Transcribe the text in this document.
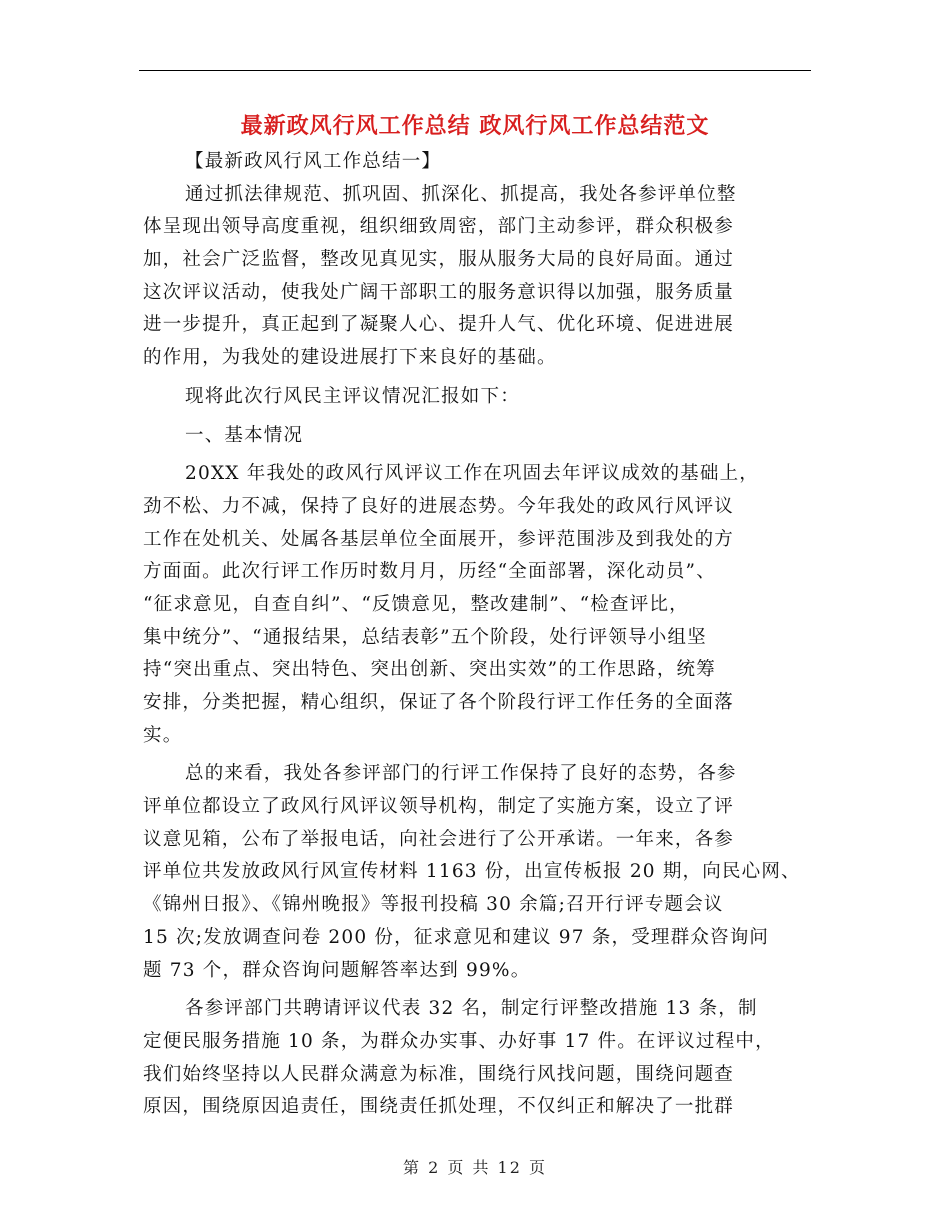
最新政风行风工作总结 政风行风工作总结范文
【最新政风行风工作总结一】
通过抓法律规范、抓巩固、抓深化、抓提高，我处各参评单位整
体呈现出领导高度重视，组织细致周密，部门主动参评，群众积极参
加，社会广泛监督，整改见真见实，服从服务大局的良好局面。通过
这次评议活动，使我处广阔干部职工的服务意识得以加强，服务质量
进一步提升，真正起到了凝聚人心、提升人气、优化环境、促进进展
的作用，为我处的建设进展打下来良好的基础。
现将此次行风民主评议情况汇报如下：
一、基本情况
20XX 年我处的政风行风评议工作在巩固去年评议成效的基础上，
劲不松、力不减，保持了良好的进展态势。今年我处的政风行风评议
工作在处机关、处属各基层单位全面展开，参评范围涉及到我处的方
方面面。此次行评工作历时数月月，历经“全面部署，深化动员”、
“征求意见，自查自纠”、“反馈意见，整改建制”、“检查评比，
集中统分”、“通报结果，总结表彰”五个阶段，处行评领导小组坚
持“突出重点、突出特色、突出创新、突出实效”的工作思路，统筹
安排，分类把握，精心组织，保证了各个阶段行评工作任务的全面落
实。
总的来看，我处各参评部门的行评工作保持了良好的态势，各参
评单位都设立了政风行风评议领导机构，制定了实施方案，设立了评
议意见箱，公布了举报电话，向社会进行了公开承诺。一年来，各参
评单位共发放政风行风宣传材料 1163 份，出宣传板报 20 期，向民心网、
《锦州日报》、《锦州晚报》等报刊投稿 30 余篇;召开行评专题会议
15 次;发放调查问卷 200 份，征求意见和建议 97 条，受理群众咨询问
题 73 个，群众咨询问题解答率达到 99%。
各参评部门共聘请评议代表 32 名，制定行评整改措施 13 条，制
定便民服务措施 10 条，为群众办实事、办好事 17 件。在评议过程中，
我们始终坚持以人民群众满意为标准，围绕行风找问题，围绕问题查
原因，围绕原因追责任，围绕责任抓处理，不仅纠正和解决了一批群
第 2 页 共 12 页
